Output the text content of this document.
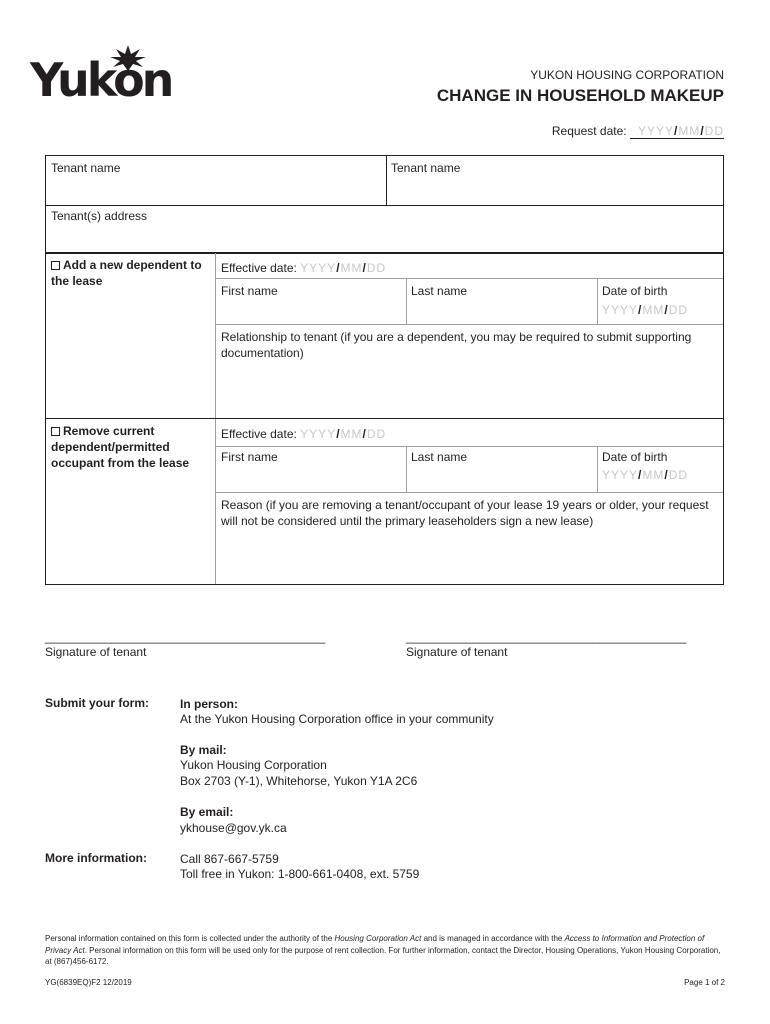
Yukon	YUKON HOUSING CORPORATION
CHANGE IN HOUSEHOLD MAKEUP
Request date: YYYY/MM/DD
Tenant name	Tenant name
Tenant(s) address
Add a new dependent to the lease
Effective date: YYYY/MM/DD
First name	Last name	Date of birth
YYYY/MM/DD
Relationship to tenant (if you are a dependent, you may be required to submit supporting documentation)
Remove current dependent/permitted occupant from the lease
Effective date: YYYY/MM/DD
First name	Last name	Date of birth
YYYY/MM/DD
Reason (if you are removing a tenant/occupant of your lease 19 years or older, your request will not be considered until the primary leaseholders sign a new lease)
__________________________________________
Signature of tenant
__________________________________________
Signature of tenant
Submit your form:	In person:
At the Yukon Housing Corporation office in your community
By mail:
Yukon Housing Corporation
Box 2703 (Y-1), Whitehorse, Yukon Y1A 2C6
By email:
ykhouse@gov.yk.ca
More information:	Call 867-667-5759
Toll free in Yukon: 1-800-661-0408, ext. 5759
Personal information contained on this form is collected under the authority of the Housing Corporation Act and is managed in accordance with the Access to Information and Protection of Privacy Act. Personal information on this form will be used only for the purpose of rent collection. For further information, contact the Director, Housing Operations, Yukon Housing Corporation, at (867)456-6172.
YG(6839EQ)F2 12/2019	Page 1 of 2
